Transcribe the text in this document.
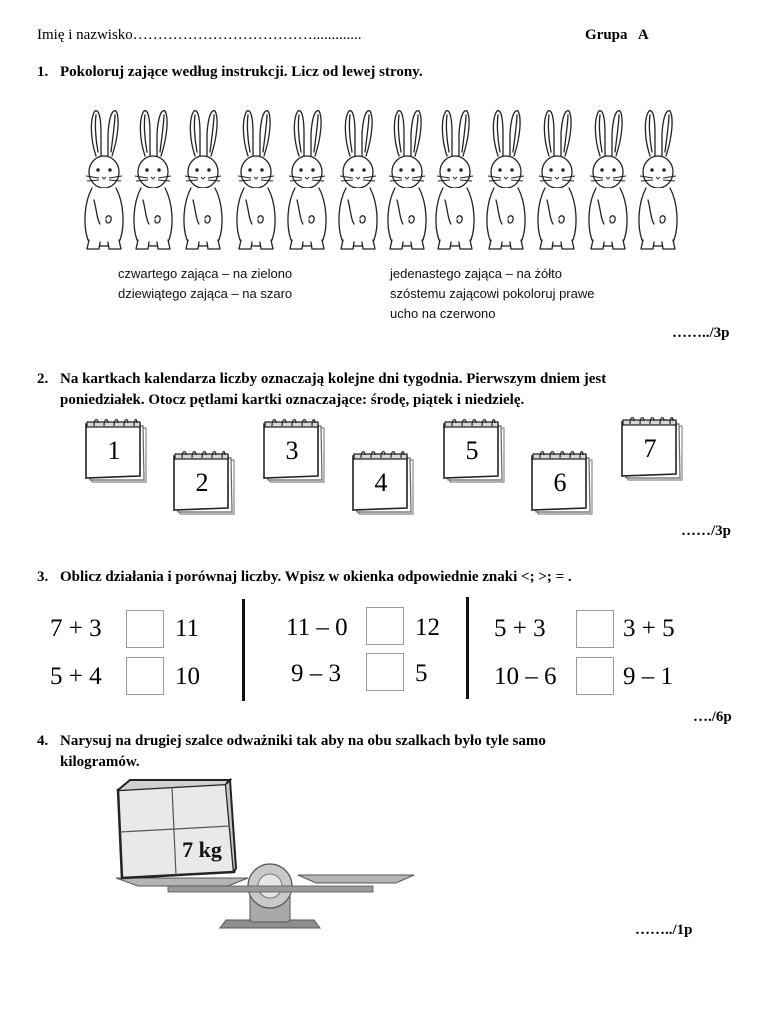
Imię i nazwisko……………………………….............	Grupa   A
1. Pokoloruj zające według instrukcji. Licz od lewej strony.
czwartego zająca – na zielono
dziewiątego zająca – na szaro
jedenastego zająca – na żółto
szóstemu zającowi pokoloruj prawe
ucho na czerwono
……../3p
2. Na kartkach kalendarza liczby oznaczają kolejne dni tygodnia. Pierwszym dniem jest
poniedziałek. Otocz pętlami kartki oznaczające: środę, piątek i niedzielę.
1
2
3
4
5
6
7
……/3p
3. Oblicz działania i porównaj liczby. Wpisz w okienka odpowiednie znaki <; >; = .
7 + 3	11
5 + 4	10
11 – 0	12
9 – 3	5
5 + 3	3 + 5
10 – 6	9 – 1
…./6p
4. Narysuj na drugiej szalce odważniki tak aby na obu szalkach było tyle samo
kilogramów.
7 kg
……../1p
